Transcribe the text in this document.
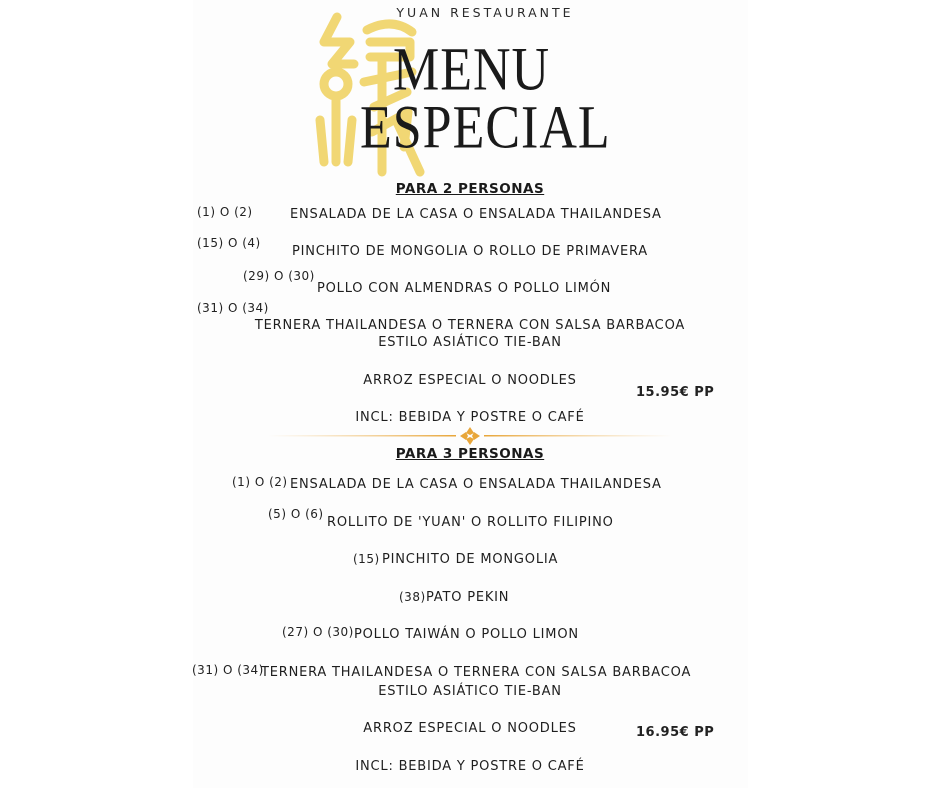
YUAN RESTAURANTE
MENU
ESPECIAL
PARA 2 PERSONAS
(1) O (2)	ENSALADA DE LA CASA O ENSALADA THAILANDESA
(15) O (4)
PINCHITO DE MONGOLIA O ROLLO DE PRIMAVERA
(29) O (30)
POLLO CON ALMENDRAS O POLLO LIMÓN
(31) O (34)
TERNERA THAILANDESA O TERNERA CON SALSA BARBACOA
ESTILO ASIÁTICO TIE-BAN
ARROZ ESPECIAL O NOODLES
15.95€ PP
INCL: BEBIDA Y POSTRE O CAFÉ
PARA 3 PERSONAS
(1) O (2) ENSALADA DE LA CASA O ENSALADA THAILANDESA
(5) O (6)
ROLLITO DE 'YUAN' O ROLLITO FILIPINO
(15) PINCHITO DE MONGOLIA
(38) PATO PEKIN
(27) O (30) POLLO TAIWÁN O POLLO LIMON
(31) O (34)
TERNERA THAILANDESA O TERNERA CON SALSA BARBACOA
ESTILO ASIÁTICO TIE-BAN
ARROZ ESPECIAL O NOODLES	16.95€ PP
INCL: BEBIDA Y POSTRE O CAFÉ
